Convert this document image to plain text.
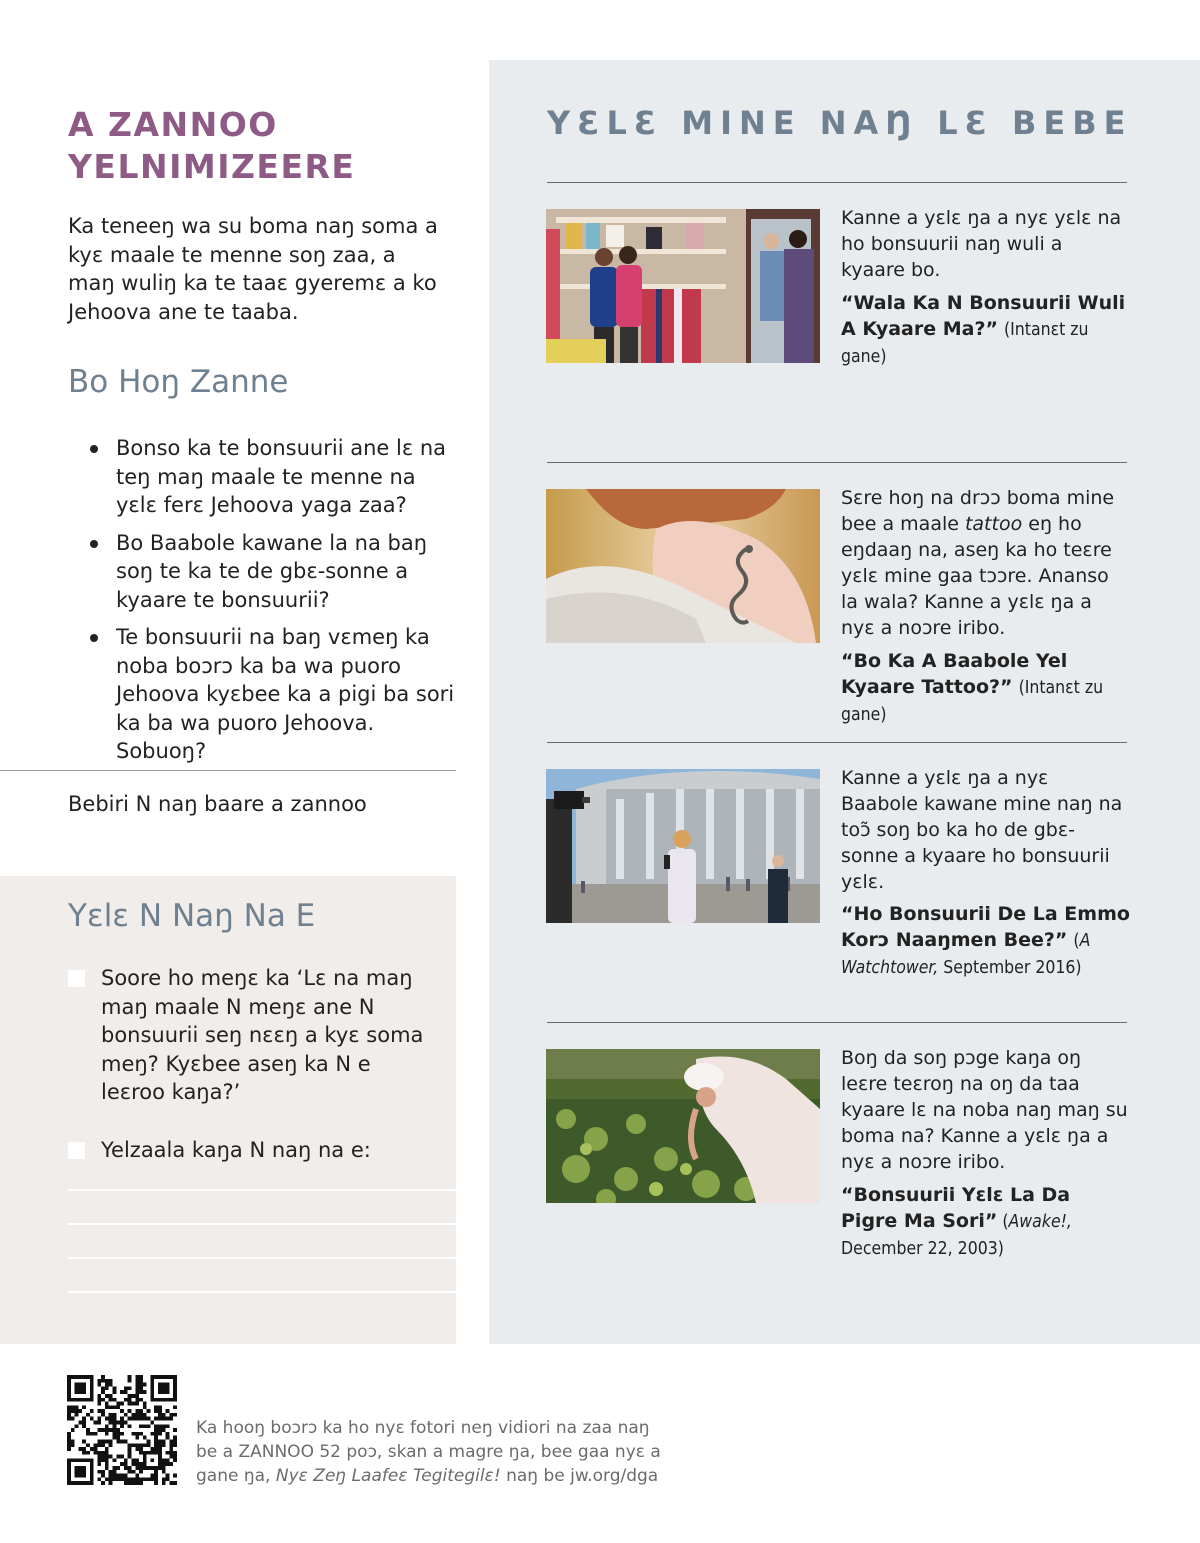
A ZANNOO
YELNIMIZEERE

Ka teneeŋ wa su boma naŋ soma a kyɛ maale te menne soŋ zaa, a maŋ wuliŋ ka te taaɛ gyeremɛ a ko Jehoova ane te taaba.

Bo Hoŋ Zanne
Bonso ka te bonsuurii ane lɛ na teŋ maŋ maale te menne na yɛlɛ ferɛ Jehoova yaga zaa?
Bo Baabole kawane la na baŋ soŋ te ka te de gbɛ-sonne a kyaare te bonsuurii?
Te bonsuurii na baŋ vɛmeŋ ka noba boɔrɔ ka ba wa puoro Jehoova kyɛbee ka a pigi ba sori ka ba wa puoro Jehoova. Sobuoŋ?
Bebiri N naŋ baare a zannoo
Yɛlɛ N Naŋ Na E
Soore ho meŋɛ ka ‘Lɛ na maŋ maŋ maale N meŋɛ ane N bonsuurii seŋ nɛɛŋ a kyɛ soma meŋ? Kyɛbee aseŋ ka N e leɛroo kaŋa?’
Yelzaala kaŋa N naŋ na e:
YƐLƐ MINE NAŊ LƐ BEBE

Kanne a yɛlɛ ŋa a nyɛ yɛlɛ na ho bonsuurii naŋ wuli a kyaare bo.

“Wala Ka N Bonsuurii Wuli A Kyaare Ma?” (Intanɛt zu gane)

Sɛre hoŋ na drɔɔ boma mine bee a maale tattoo eŋ ho eŋdaaŋ na, aseŋ ka ho teɛre yɛlɛ mine gaa tɔɔre. Ananso la wala? Kanne a yɛlɛ ŋa a nyɛ a noɔre iribo.

“Bo Ka A Baabole Yel Kyaare Tattoo?” (Intanɛt zu gane)

Kanne a yɛlɛ ŋa a nyɛ Baabole kawane mine naŋ na toɔ̃ soŋ bo ka ho de gbɛ-sonne a kyaare ho bonsuurii yɛlɛ.

“Ho Bonsuurii De La Emmo Korɔ Naaŋmen Bee?” (A Watchtower, September 2016)

Boŋ da soŋ pɔge kaŋa oŋ leɛre teɛroŋ na oŋ da taa kyaare lɛ na noba naŋ maŋ su boma na? Kanne a yɛlɛ ŋa a nyɛ a noɔre iribo.

“Bonsuurii Yɛlɛ La Da Pigre Ma Sori” (Awake!, December 22, 2003)

Ka hooŋ boɔrɔ ka ho nyɛ fotori neŋ vidiori na zaa naŋ be a ZANNOO 52 poɔ, skan a magre ŋa, bee gaa nyɛ a gane ŋa, Nyɛ Zeŋ Laafeɛ Tegitegilɛ! naŋ be jw.org/dga
